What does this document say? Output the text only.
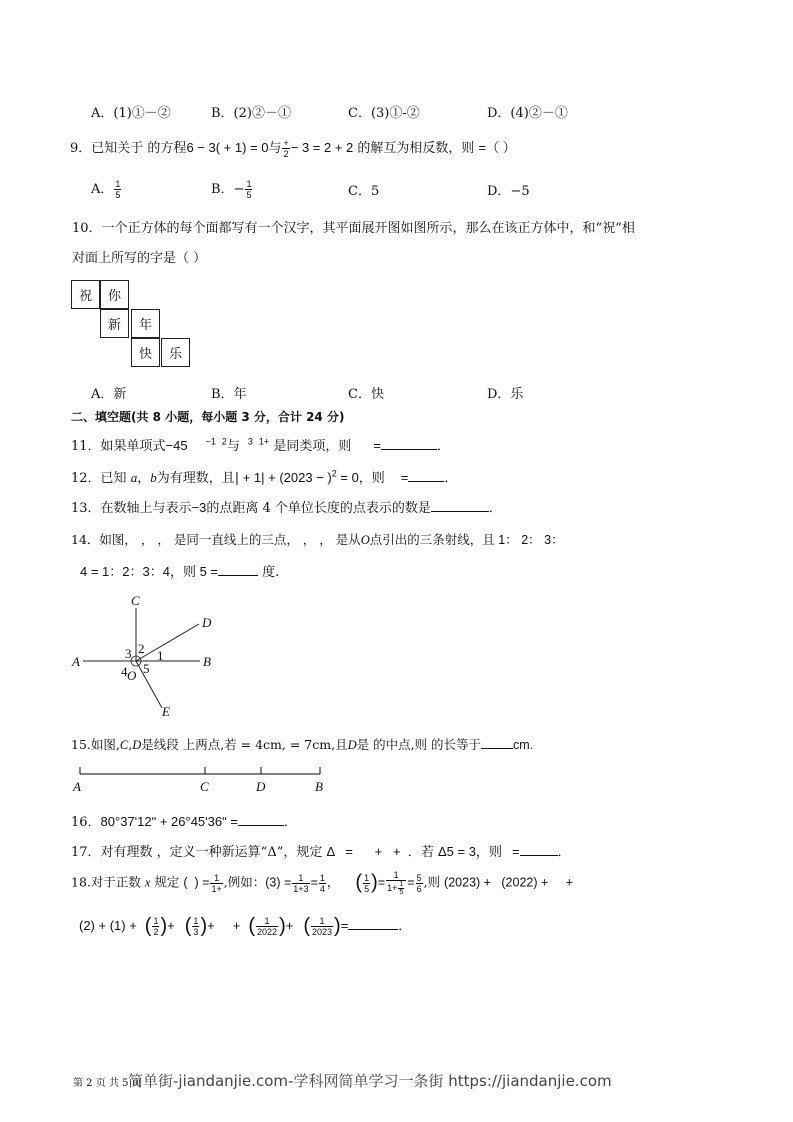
A．(1)①－②	B．(2)②－①	C．(3)①-②	D．(4)②－①
9．已知关于 的方程6 − 3( + 1) = 0与 $\frac{+}{2} - 3 = 2 + 2$ 的解互为相反数，则 =（ ）
A． $\frac{1}{5}$	B．− $\frac{1}{5}$	C．5	D．−5
10．一个正方体的每个面都写有一个汉字，其平面展开图如图所示，那么在该正方体中，和“祝”相
对面上所写的字是（ ）
祝	你
新	年
快	乐
A．新	B．年	C．快	D．乐
二、填空题(共 8 小题，每小题 3 分，合计 24 分)
11．如果单项式−45 $^{-1}$ $^2$与 $^3$ $^{1+}$ 是同类项，则 =	．
12．已知 a，b为有理数，且| + $1| + (2023 - )^2 = 0$，则 =	．
13．在数轴上与表示−3的点距离 4 个单位长度的点表示的数是	．
14．如图， ， ， 是同一直线上的三点， ， ， 是从O点引出的三条射线，且 1： 2： 3：
4 = 1：2：3：4，则 5 =	度.
A	B
C
D
E
O
1
2
3
4 5
15.如图,C,D是线段 上两点,若 = 4cm, = 7cm,且D是 的中点,则 的长等于	cm.
A	C	D	B
16．80°37ʹ12ʺ + 26°45ʹ36ʺ =	．
17．对有理数 ，定义一种新运算“Δ”，规定 Δ   =      +   +  ．若 Δ5 = 3，则 =	．
18.对于正数 x 规定 (  ) = $\frac{1}{1+}$ ,例如：$(3) = \frac{1}{1+3} = \frac{1}{4}$ ， ( $\frac{1}{5}$ )= $\frac{1}{1+ \frac{1}{5}} = \frac{5}{6}$ ,则 (2023) +   (2022) +     +
(2) + (1) + ( $\frac{1}{2}$ )+ ( $\frac{1}{3}$ )+     + ( $\frac{1}{2022}$ )+ ( $\frac{1}{2023}$ )=	．
第 2 页 共 5 页
简单街-jiandanjie.com-学科网简单学习一条街 https://jiandanjie.com
